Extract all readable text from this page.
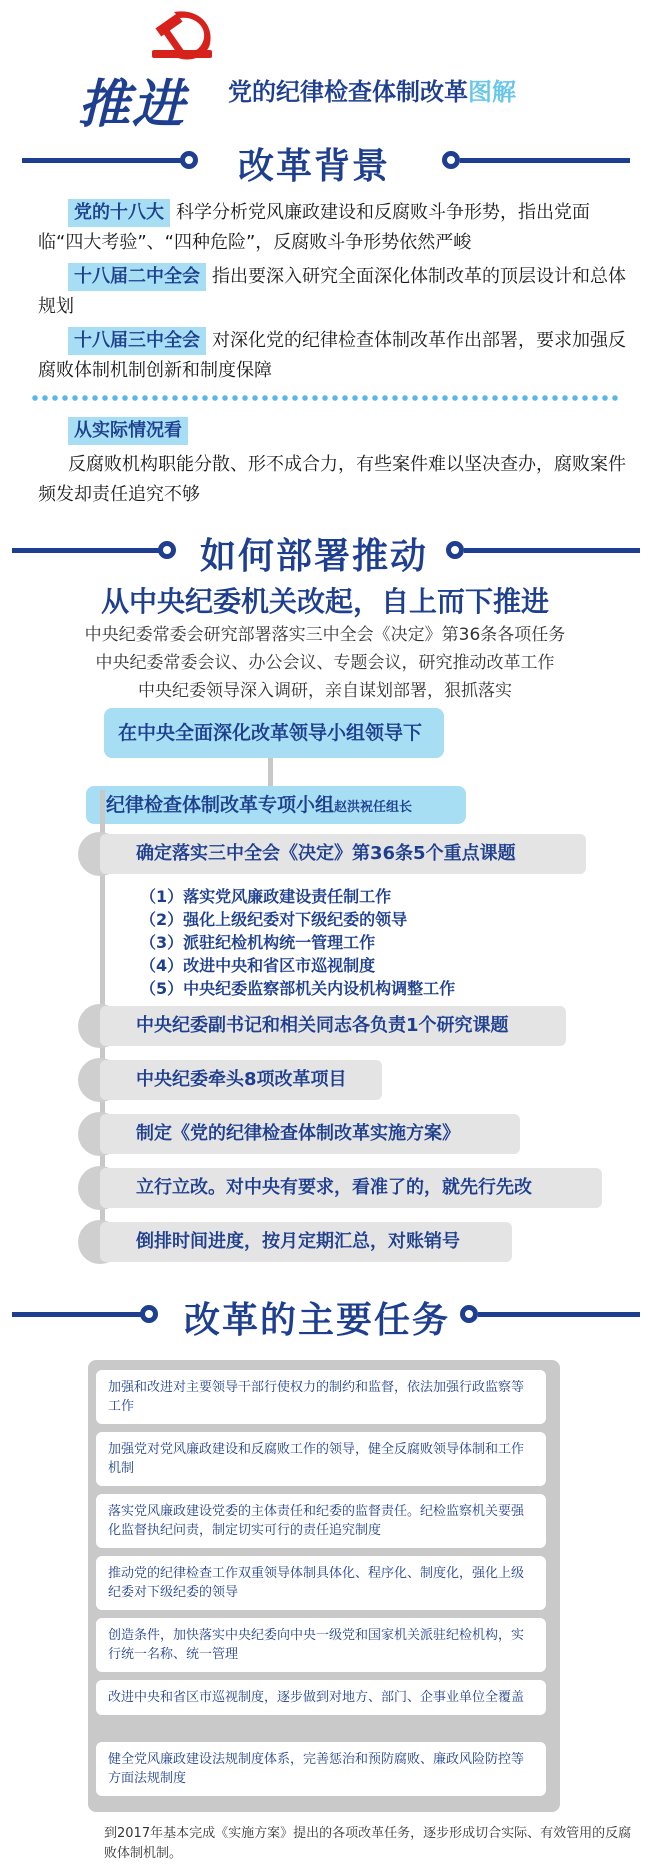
推进 党的纪律检查体制改革图解
改革背景
党的十八大 科学分析党风廉政建设和反腐败斗争形势，指出党面临“四大考验”、“四种危险”，反腐败斗争形势依然严峻
十八届二中全会 指出要深入研究全面深化体制改革的顶层设计和总体规划
十八届三中全会 对深化党的纪律检查体制改革作出部署，要求加强反腐败体制机制创新和制度保障
从实际情况看
反腐败机构职能分散、形不成合力，有些案件难以坚决查办，腐败案件频发却责任追究不够
如何部署推动
从中央纪委机关改起，自上而下推进
中央纪委常委会研究部署落实三中全会《决定》第36条各项任务
中央纪委常委会议、办公会议、专题会议，研究推动改革工作
中央纪委领导深入调研，亲自谋划部署，狠抓落实
在中央全面深化改革领导小组领导下
纪律检查体制改革专项小组赵洪祝任组长
确定落实三中全会《决定》第36条5个重点课题
（1）落实党风廉政建设责任制工作
（2）强化上级纪委对下级纪委的领导
（3）派驻纪检机构统一管理工作
（4）改进中央和省区市巡视制度
（5）中央纪委监察部机关内设机构调整工作
中央纪委副书记和相关同志各负责1个研究课题
中央纪委牵头8项改革项目
制定《党的纪律检查体制改革实施方案》
立行立改。对中央有要求，看准了的，就先行先改
倒排时间进度，按月定期汇总，对账销号
改革的主要任务
加强和改进对主要领导干部行使权力的制约和监督，依法加强行政监察等工作
加强党对党风廉政建设和反腐败工作的领导，健全反腐败领导体制和工作机制
落实党风廉政建设党委的主体责任和纪委的监督责任。纪检监察机关要强化监督执纪问责，制定切实可行的责任追究制度
推动党的纪律检查工作双重领导体制具体化、程序化、制度化，强化上级纪委对下级纪委的领导
创造条件，加快落实中央纪委向中央一级党和国家机关派驻纪检机构，实行统一名称、统一管理
改进中央和省区市巡视制度，逐步做到对地方、部门、企事业单位全覆盖
健全党风廉政建设法规制度体系，完善惩治和预防腐败、廉政风险防控等方面法规制度
到2017年基本完成《实施方案》提出的各项改革任务，逐步形成切合实际、有效管用的反腐败体制机制。
